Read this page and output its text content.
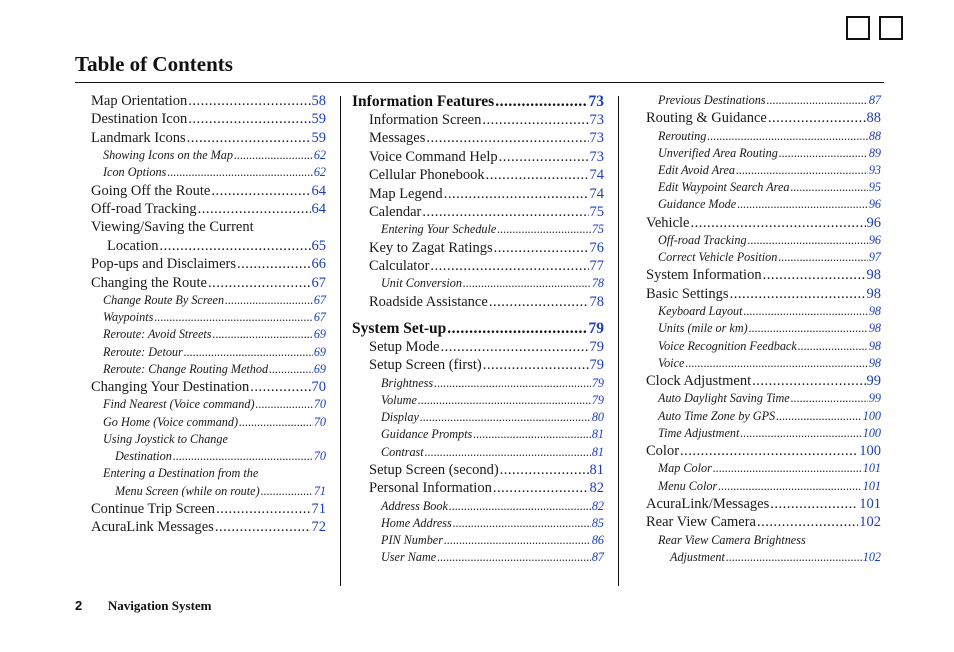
Table of Contents
Map Orientation .....	58
Destination Icon .....	59
Landmark Icons .....	59
Showing Icons on the Map .....	62
Icon Options .....	62
Going Off the Route .....	64
Off-road Tracking .....	64
Viewing/Saving the Current
Location .....	65
Pop-ups and Disclaimers .....	66
Changing the Route .....	67
Change Route By Screen .....	67
Waypoints .....	67
Reroute: Avoid Streets .....	69
Reroute: Detour .....	69
Reroute: Change Routing Method .....	69
Changing Your Destination .....	70
Find Nearest (Voice command) .....	70
Go Home (Voice command) .....	70
Using Joystick to Change
Destination .....	70
Entering a Destination from the
Menu Screen (while on route) .....	71
Continue Trip Screen .....	71
AcuraLink Messages .....	72
Information Features .....	73
Information Screen .....	73
Messages .....	73
Voice Command Help .....	73
Cellular Phonebook .....	74
Map Legend .....	74
Calendar .....	75
Entering Your Schedule .....	75
Key to Zagat Ratings .....	76
Calculator .....	77
Unit Conversion .....	78
Roadside Assistance .....	78
System Set-up .....	79
Setup Mode .....	79
Setup Screen (first) .....	79
Brightness .....	79
Volume .....	79
Display .....	80
Guidance Prompts .....	81
Contrast .....	81
Setup Screen (second) .....	81
Personal Information .....	82
Address Book .....	82
Home Address .....	85
PIN Number .....	86
User Name .....	87
Previous Destinations .....	87
Routing & Guidance .....	88
Rerouting .....	88
Unverified Area Routing .....	89
Edit Avoid Area .....	93
Edit Waypoint Search Area .....	95
Guidance Mode .....	96
Vehicle .....	96
Off-road Tracking .....	96
Correct Vehicle Position .....	97
System Information .....	98
Basic Settings .....	98
Keyboard Layout .....	98
Units (mile or km) .....	98
Voice Recognition Feedback .....	98
Voice .....	98
Clock Adjustment .....	99
Auto Daylight Saving Time .....	99
Auto Time Zone by GPS .....	100
Time Adjustment .....	100
Color .....	100
Map Color .....	101
Menu Color .....	101
AcuraLink/Messages .....	101
Rear View Camera .....	102
Rear View Camera Brightness
Adjustment .....	102
2 Navigation System
